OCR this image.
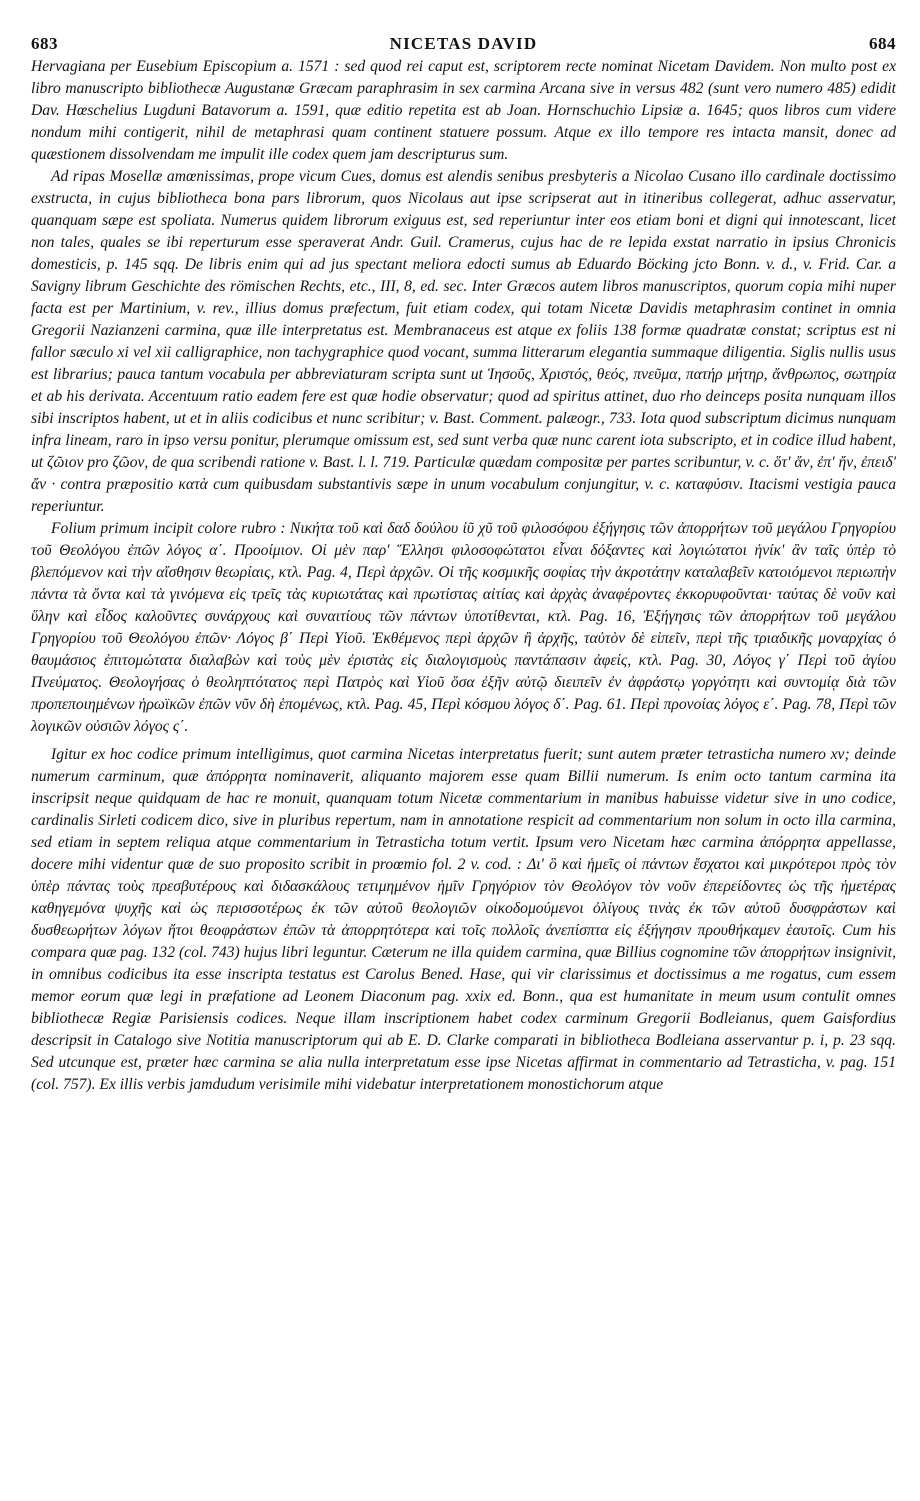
683	NICETAS DAVID	684

Hervagiana per Eusebium Episcopium a. 1571 : sed quod rei caput est, scriptorem recte nominat Nicetam Davidem. Non multo post ex libro manuscripto bibliothecæ Augustanæ Græcam paraphrasim in sex carmina Arcana sive in versus 482 (sunt vero numero 485) edidit Dav. Hœschelius Lugduni Batavorum a. 1591, quæ editio repetita est ab Joan. Hornschuchio Lipsiæ a. 1645; quos libros cum videre nondum mihi contigerit, nihil de metaphrasi quam continent statuere possum. Atque ex illo tempore res intacta mansit, donec ad quæstionem dissolvendam me impulit ille codex quem jam descripturus sum.

Ad ripas Mosellæ amœnissimas, prope vicum Cues, domus est alendis senibus presbyteris a Nicolao Cusano illo cardinale doctissimo exstructa, in cujus bibliotheca bona pars librorum, quos Nicolaus aut ipse scripserat aut in itineribus collegerat, adhuc asservatur, quanquam sæpe est spoliata. Numerus quidem librorum exiguus est, sed reperiuntur inter eos etiam boni et digni qui innotescant, licet non tales, quales se ibi reperturum esse speraverat Andr. Guil. Cramerus, cujus hac de re lepida exstat narratio in ipsius Chronicis domesticis, p. 145 sqq. De libris enim qui ad jus spectant meliora edocti sumus ab Eduardo Böcking jcto Bonn. v. d., v. Frid. Car. a Savigny librum Geschichte des römischen Rechts, etc., III, 8, ed. sec. Inter Græcos autem libros manuscriptos, quorum copia mihi nuper facta est per Martinium, v. rev., illius domus præfectum, fuit etiam codex, qui totam Nicetæ Davidis metaphrasim continet in omnia Gregorii Nazianzeni carmina, quæ ille interpretatus est. Membranaceus est atque ex foliis 138 formæ quadratæ constat; scriptus est ni fallor sæculo xi vel xii calligraphice, non tachygraphice quod vocant, summa litterarum elegantia summaque diligentia. Siglis nullis usus est librarius; pauca tantum vocabula per abbreviaturam scripta sunt ut Ἰησοῦς, Χριστός, θεός, πνεῦμα, πατήρ μήτηρ, ἄνθρωπος, σωτηρία et ab his derivata. Accentuum ratio eadem fere est quæ hodie observatur; quod ad spiritus attinet, duo rho deinceps posita nunquam illos sibi inscriptos habent, ut et in aliis codicibus et nunc scribitur; v. Bast. Comment. palæogr., 733. Iota quod subscriptum dicimus nunquam infra lineam, raro in ipso versu ponitur, plerumque omissum est, sed sunt verba quæ nunc carent iota subscripto, et in codice illud habent, ut ζῶιον pro ζῶον, de qua scribendi ratione v. Bast. l. l. 719. Particulæ quædam compositæ per partes scribuntur, v. c. ὅτ' ἄν, ἐπ' ἤν, ἐπειδ' ἄν · contra præpositio κατὰ cum quibusdam substantivis sæpe in unum vocabulum conjungitur, v. c. καταφύσιν. Itacismi vestigia pauca reperiuntur.

Folium primum incipit colore rubro : Νικήτα τοῦ καὶ δαδ δούλου ἰῦ χῦ τοῦ φιλοσόφου ἐξήγησις τῶν ἀπορρήτων τοῦ μεγάλου Γρηγορίου τοῦ Θεολόγου ἐπῶν λόγος α΄. Προοίμιον. Οἱ μὲν παρ' Ἕλλησι φιλοσοφώτατοι εἶναι δόξαντες καὶ λογιώτατοι ἡνίκ' ἂν ταῖς ὑπὲρ τὸ βλεπόμενον καὶ τὴν αἴσθησιν θεωρίαις, κτλ. Pag. 4, Περὶ ἀρχῶν. Οἱ τῆς κοσμικῆς σοφίας τὴν ἀκροτάτην καταλαβεῖν κατοιόμενοι περιωπὴν πάντα τὰ ὄντα καὶ τὰ γινόμενα εἰς τρεῖς τὰς κυριωτάτας καὶ πρωτίστας αἰτίας καὶ ἀρχὰς ἀναφέροντες ἐκκορυφοῦνται· ταύτας δὲ νοῦν καὶ ὕλην καὶ εἶδος καλοῦντες συνάρχους καὶ συναιτίους τῶν πάντων ὑποτίθενται, κτλ. Pag. 16, Ἐξήγησις τῶν ἀπορρήτων τοῦ μεγάλου Γρηγορίου τοῦ Θεολόγου ἐπῶν· Λόγος β΄ Περὶ Υἱοῦ. Ἐκθέμενος περὶ ἀρχῶν ἢ ἀρχῆς, ταὐτὸν δὲ εἰπεῖν, περὶ τῆς τριαδικῆς μοναρχίας ὁ θαυμάσιος ἐπιτομώτατα διαλαβὼν καὶ τοὺς μὲν ἐριστὰς εἰς διαλογισμοὺς παντάπασιν ἀφείς, κτλ. Pag. 30, Λόγος γ΄ Περὶ τοῦ ἁγίου Πνεύματος. Θεολογήσας ὁ θεοληπτότατος περὶ Πατρὸς καὶ Υἱοῦ ὅσα ἐξῆν αὐτῷ διειπεῖν ἐν ἀφράστῳ γοργότητι καὶ συντομίᾳ διὰ τῶν προπεποιημένων ἡρωϊκῶν ἐπῶν νῦν δὴ ἑπομένως, κτλ. Pag. 45, Περὶ κόσμου λόγος δ΄. Pag. 61. Περὶ προνοίας λόγος ε΄. Pag. 78, Περὶ τῶν λογικῶν οὐσιῶν λόγος ς΄.

Igitur ex hoc codice primum intelligimus, quot carmina Nicetas interpretatus fuerit; sunt autem præter tetrasticha numero xv; deinde numerum carminum, quæ ἀπόρρητα nominaverit, aliquanto majorem esse quam Billii numerum. Is enim octo tantum carmina ita inscripsit neque quidquam de hac re monuit, quanquam totum Nicetæ commentarium in manibus habuisse videtur sive in uno codice, cardinalis Sirleti codicem dico, sive in pluribus repertum, nam in annotatione respicit ad commentarium non solum in octo illa carmina, sed etiam in septem reliqua atque commentarium in Tetrasticha totum vertit. Ipsum vero Nicetam hæc carmina ἀπόρρητα appellasse, docere mihi videntur quæ de suo proposito scribit in proœmio fol. 2 v. cod. : Δι' ὃ καὶ ἡμεῖς οἱ πάντων ἔσχατοι καὶ μικρότεροι πρὸς τὸν ὑπὲρ πάντας τοὺς πρεσβυτέρους καὶ διδασκάλους τετιμημένον ἡμῖν Γρηγόριον τὸν Θεολόγον τὸν νοῦν ἐπερείδοντες ὡς τῆς ἡμετέρας καθηγεμόνα ψυχῆς καὶ ὡς περισσοτέρως ἐκ τῶν αὐτοῦ θεολογιῶν οἰκοδομούμενοι ὀλίγους τινὰς ἐκ τῶν αὐτοῦ δυσφράστων καὶ δυσθεωρήτων λόγων ἤτοι θεοφράστων ἐπῶν τὰ ἀπορρητότερα καὶ τοῖς πολλοῖς ἀνεπίσπτα εἰς ἐξήγησιν προυθήκαμεν ἑαυτοῖς. Cum his compara quæ pag. 132 (col. 743) hujus libri leguntur. Cæterum ne illa quidem carmina, quæ Billius cognomine τῶν ἀπορρήτων insignivit, in omnibus codicibus ita esse inscripta testatus est Carolus Bened. Hase, qui vir clarissimus et doctissimus a me rogatus, cum essem memor eorum quæ legi in præfatione ad Leonem Diaconum pag. xxix ed. Bonn., qua est humanitate in meum usum contulit omnes bibliothecæ Regiæ Parisiensis codices. Neque illam inscriptionem habet codex carminum Gregorii Bodleianus, quem Gaisfordius descripsit in Catalogo sive Notitia manuscriptorum qui ab E. D. Clarke comparati in bibliotheca Bodleiana asservantur p. i, p. 23 sqq. Sed utcunque est, præter hæc carmina se alia nulla interpretatum esse ipse Nicetas affirmat in commentario ad Tetrasticha, v. pag. 151 (col. 757). Ex illis verbis jamdudum verisimile mihi videbatur interpretationem monostichorum atque
